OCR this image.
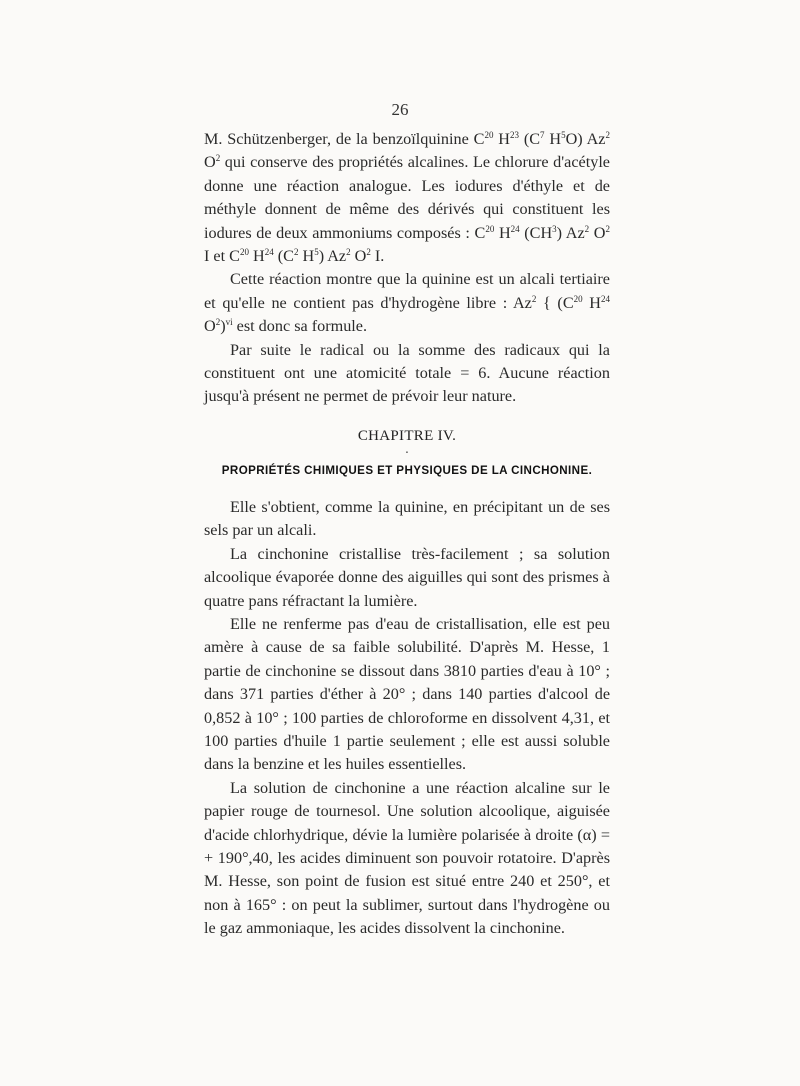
26

M. Schützenberger, de la benzoïlquinine $C^{20}$ $H^{23}$ ($C^7$ $H^5O$) Az$^2$ $O^2$ qui conserve des propriétés alcalines. Le chlorure d'acétyle donne une réaction analogue. Les iodures d'éthyle et de méthyle donnent de même des dérivés qui constituent les iodures de deux ammoniums composés : $C^{20}$ $H^{24}$ $(CH^3)$ Az$^2$ $O^2$ I et $C^{20}$ $H^{24}$ ($C^2$ $H^5$) Az$^2$ $O^2$ I.

Cette réaction montre que la quinine est un alcali tertiaire et qu'elle ne contient pas d'hydrogène libre : Az$^2$ { ($C^{20}$ $H^{24}$ $O^2)^{vi}$ est donc sa formule.

Par suite le radical ou la somme des radicaux qui la constituent ont une atomicité totale = 6. Aucune réaction jusqu'à présent ne permet de prévoir leur nature.

CHAPITRE IV.
·
PROPRIÉTÉS CHIMIQUES ET PHYSIQUES DE LA CINCHONINE.

Elle s'obtient, comme la quinine, en précipitant un de ses sels par un alcali.

La cinchonine cristallise très-facilement ; sa solution alcoolique évaporée donne des aiguilles qui sont des prismes à quatre pans réfractant la lumière.

Elle ne renferme pas d'eau de cristallisation, elle est peu amère à cause de sa faible solubilité. D'après M. Hesse, 1 partie de cinchonine se dissout dans 3810 parties d'eau à 10° ; dans 371 parties d'éther à 20° ; dans 140 parties d'alcool de 0,852 à 10° ; 100 parties de chloroforme en dissolvent 4,31, et 100 parties d'huile 1 partie seulement ; elle est aussi soluble dans la benzine et les huiles essentielles.

La solution de cinchonine a une réaction alcaline sur le papier rouge de tournesol. Une solution alcoolique, aiguisée d'acide chlorhydrique, dévie la lumière polarisée à droite (α) = + 190°,40, les acides diminuent son pouvoir rotatoire. D'après M. Hesse, son point de fusion est situé entre 240 et 250°, et non à 165° : on peut la sublimer, surtout dans l'hydrogène ou le gaz ammoniaque, les acides dissolvent la cinchonine.
